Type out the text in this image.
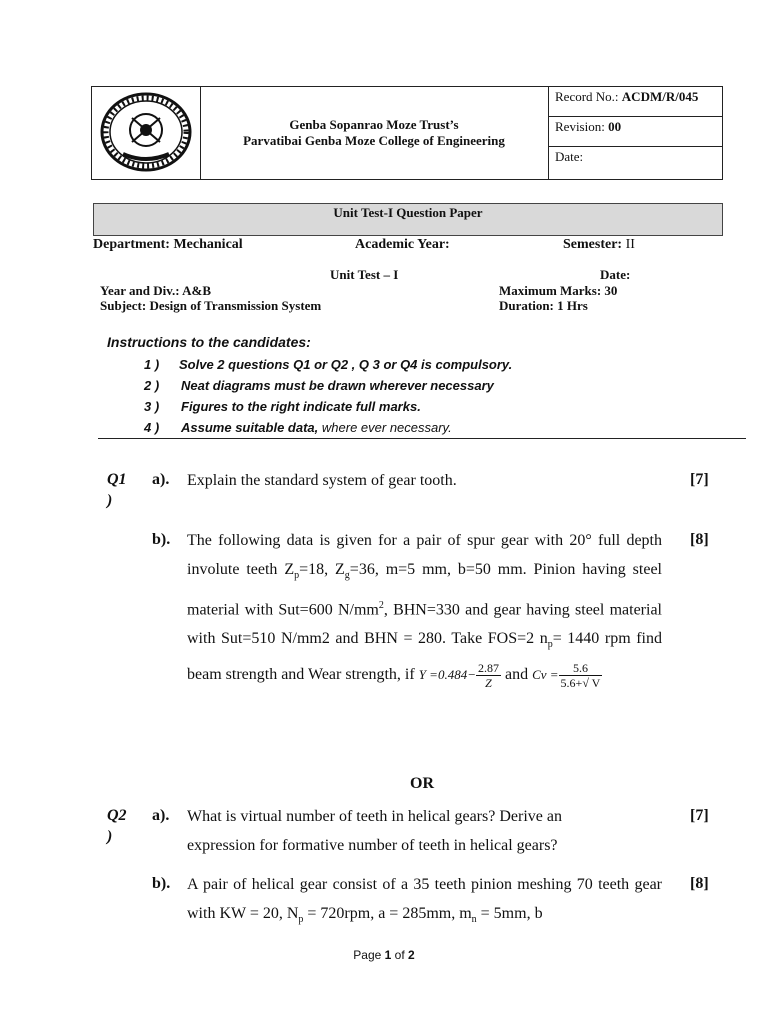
Genba Sopanrao Moze Trust’s
Parvatibai Genba Moze College of Engineering
Record No.: ACDM/R/045
Revision: 00
Date:
Unit Test-I Question Paper
Department: Mechanical	Academic Year:	Semester: II
Unit Test – I	Date:
Year and Div.: A&B	Maximum Marks: 30
Subject: Design of Transmission System	Duration: 1 Hrs
Instructions to the candidates:
1 ) Solve 2 questions Q1 or Q2 , Q 3 or Q4 is compulsory.
2 ) Neat diagrams must be drawn wherever necessary
3 ) Figures to the right indicate full marks.
4 ) Assume suitable data, where ever necessary.
Q1
)
a). Explain the standard system of gear tooth.	[7]
b).	[8]
The following data is given for a pair of spur gear with 20° full depth involute teeth $Z_p=18$, $Z_g=36$, m=5 mm, b=50 mm. Pinion having steel material with Sut=600 $N/mm^2$, BHN=330 and gear having steel material with Sut=510 N/mm2 and BHN = 280. Take FOS=2 $n_p= 1440$ rpm find beam strength and Wear strength, if $Y =0.484- \frac{2.87}{Z}$ and $Cv = \frac{5.6}{5.6+√ V}$
OR
Q2
)
a). What is virtual number of teeth in helical gears? Derive an expression for formative number of teeth in helical gears?
[7]
b).	[8]
A pair of helical gear consist of a 35 teeth pinion meshing 70 teeth gear with KW = 20, $N_p = 720rpm$, a = 285mm, $m_n = 5mm$, b
Page 1 of 2
